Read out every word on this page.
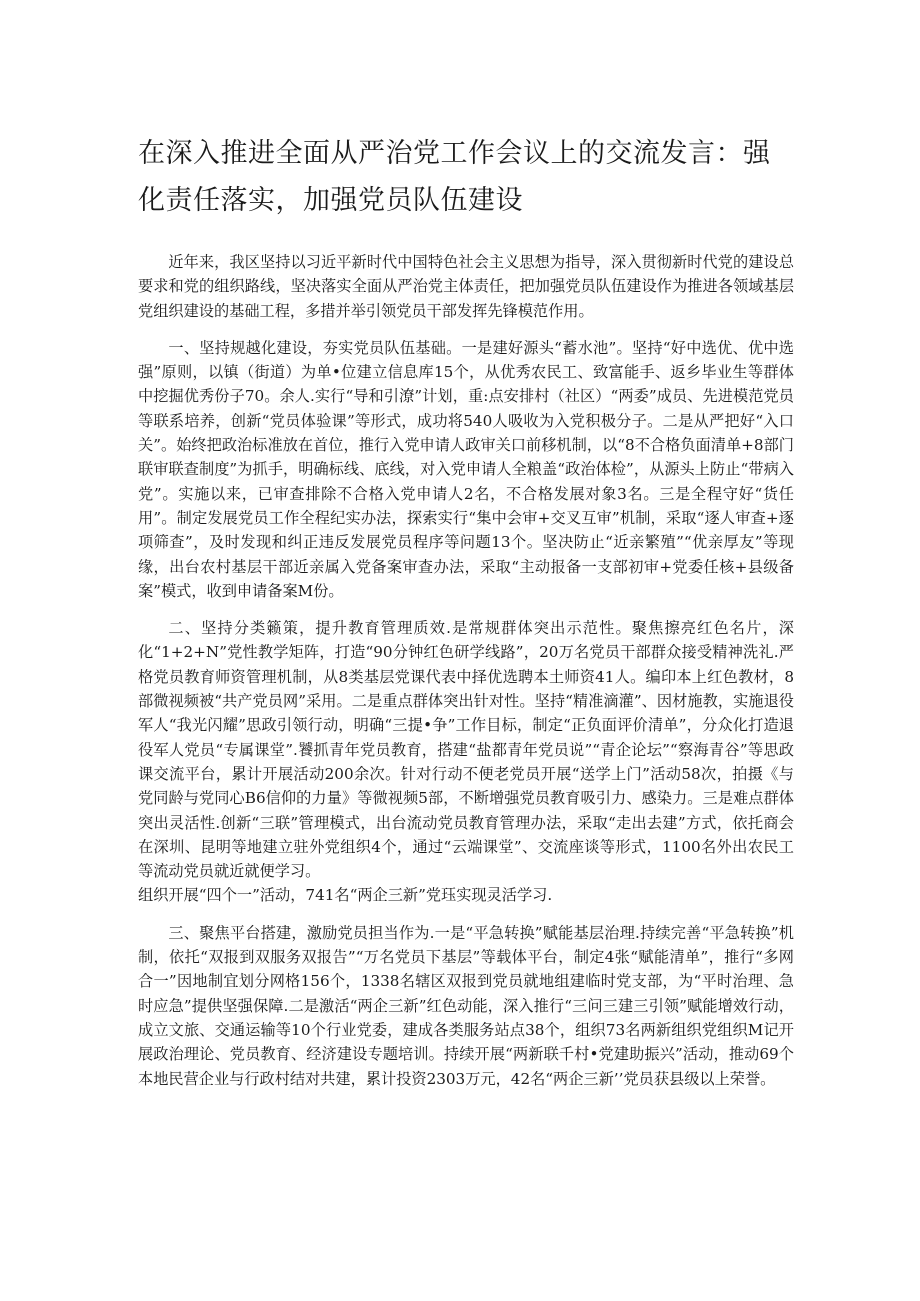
在深入推进全面从严治党工作会议上的交流发言：强化责任落实，加强党员队伍建设

近年来，我区坚持以习近平新时代中国特色社会主义思想为指导，深入贯彻新时代党的建设总要求和党的组织路线，坚决落实全面从严治党主体责任，把加强党员队伍建设作为推进各领域基层党组织建设的基础工程，多措并举引领党员干部发挥先锋模范作用。

一、坚持规越化建设，夯实党员队伍基础。一是建好源头“蓄水池”。坚持“好中选优、优中选强”原则，以镇（街道）为单•位建立信息库15个，从优秀农民工、致富能手、返乡毕业生等群体中挖掘优秀份子70。余人.实行“导和引潦”计划，重:点安排村（社区）“两委”成员、先进模范党员等联系培养，创新“党员体验课”等形式，成功将540人吸收为入党积极分子。二是从严把好“入口关”。始终把政治标准放在首位，推行入党申请人政审关口前移机制，以“8不合格负面清单+8部门联审联查制度”为抓手，明确标线、底线，对入党申请人全粮盖“政治体检”，从源头上防止“带病入党”。实施以来，已审查排除不合格入党申请人2名，不合格发展对象3名。三是全程守好“货任用”。制定发展党员工作全程纪实办法，探索实行“集中会审+交叉互审”机制，采取“逐人审查+逐项筛查”，及时发现和纠正违反发展党员程序等问题13个。坚决防止“近亲繁殖”“优亲厚友”等现缘，出台农村基层干部近亲属入党备案审查办法，采取“主动报备一支部初审+党委任核+县级备案”模式，收到申请备案M份。

二、坚持分类籁策，提升教育管理质效.是常规群体突出示范性。聚焦擦亮红色名片，深化“1+2+N”党性教学矩阵，打造“90分钟红色研学线路”，20万名党员干部群众接受精神洗礼.严格党员教育师资管理机制，从8类基层党课代表中择优选聘本土师资41人。编印本上红色教材，8部微视频被“共产党员网”采用。二是重点群体突出针对性。坚持“精准滴灌”、因材施教，实施退役军人“我光闪耀”思政引领行动，明确“三提•争”工作目标，制定“正负面评价清单”，分众化打造退役军人党员“专属课堂”.饕抓青年党员教育，搭建“盐都青年党员说”“青企论坛”“察海青谷”等思政课交流平台，累计开展活动200余次。针对行动不便老党员开展“送学上门”活动58次，拍摄《与党同龄与党同心B6信仰的力量》等微视频5部，不断增强党员教育吸引力、感染力。三是难点群体突出灵活性.创新“三联”管理模式，出台流动党员教育管理办法，采取“走出去建”方式，依托商会在深圳、昆明等地建立驻外党组织4个，通过“云端课堂”、交流座谈等形式，1100名外出农民工等流动党员就近就便学习。

组织开展“四个一”活动，741名“两企三新”党珏实现灵活学习.

三、聚焦平台搭建，激励党员担当作为.一是“平急转换”赋能基层治理.持续完善“平急转换”机制，依托“双报到双服务双报告”“万名党员下基层”等载体平台，制定4张“赋能清单”，推行“多网合一”因地制宜划分网格156个，1338名辖区双报到党员就地组建临时党支部，为“平时治理、急时应急”提供坚强保障.二是激活“两企三新”红色动能，深入推行“三问三建三引领”赋能增效行动，成立文旅、交通运输等10个行业党委，建成各类服务站点38个，组织73名两新组织党组织M记开展政治理论、党员教育、经济建设专题培训。持续开展“两新联千村•党建助振兴”活动，推动69个本地民营企业与行政村结对共建，累计投资2303万元，42名“两企三新’’党员获县级以上荣誉。
